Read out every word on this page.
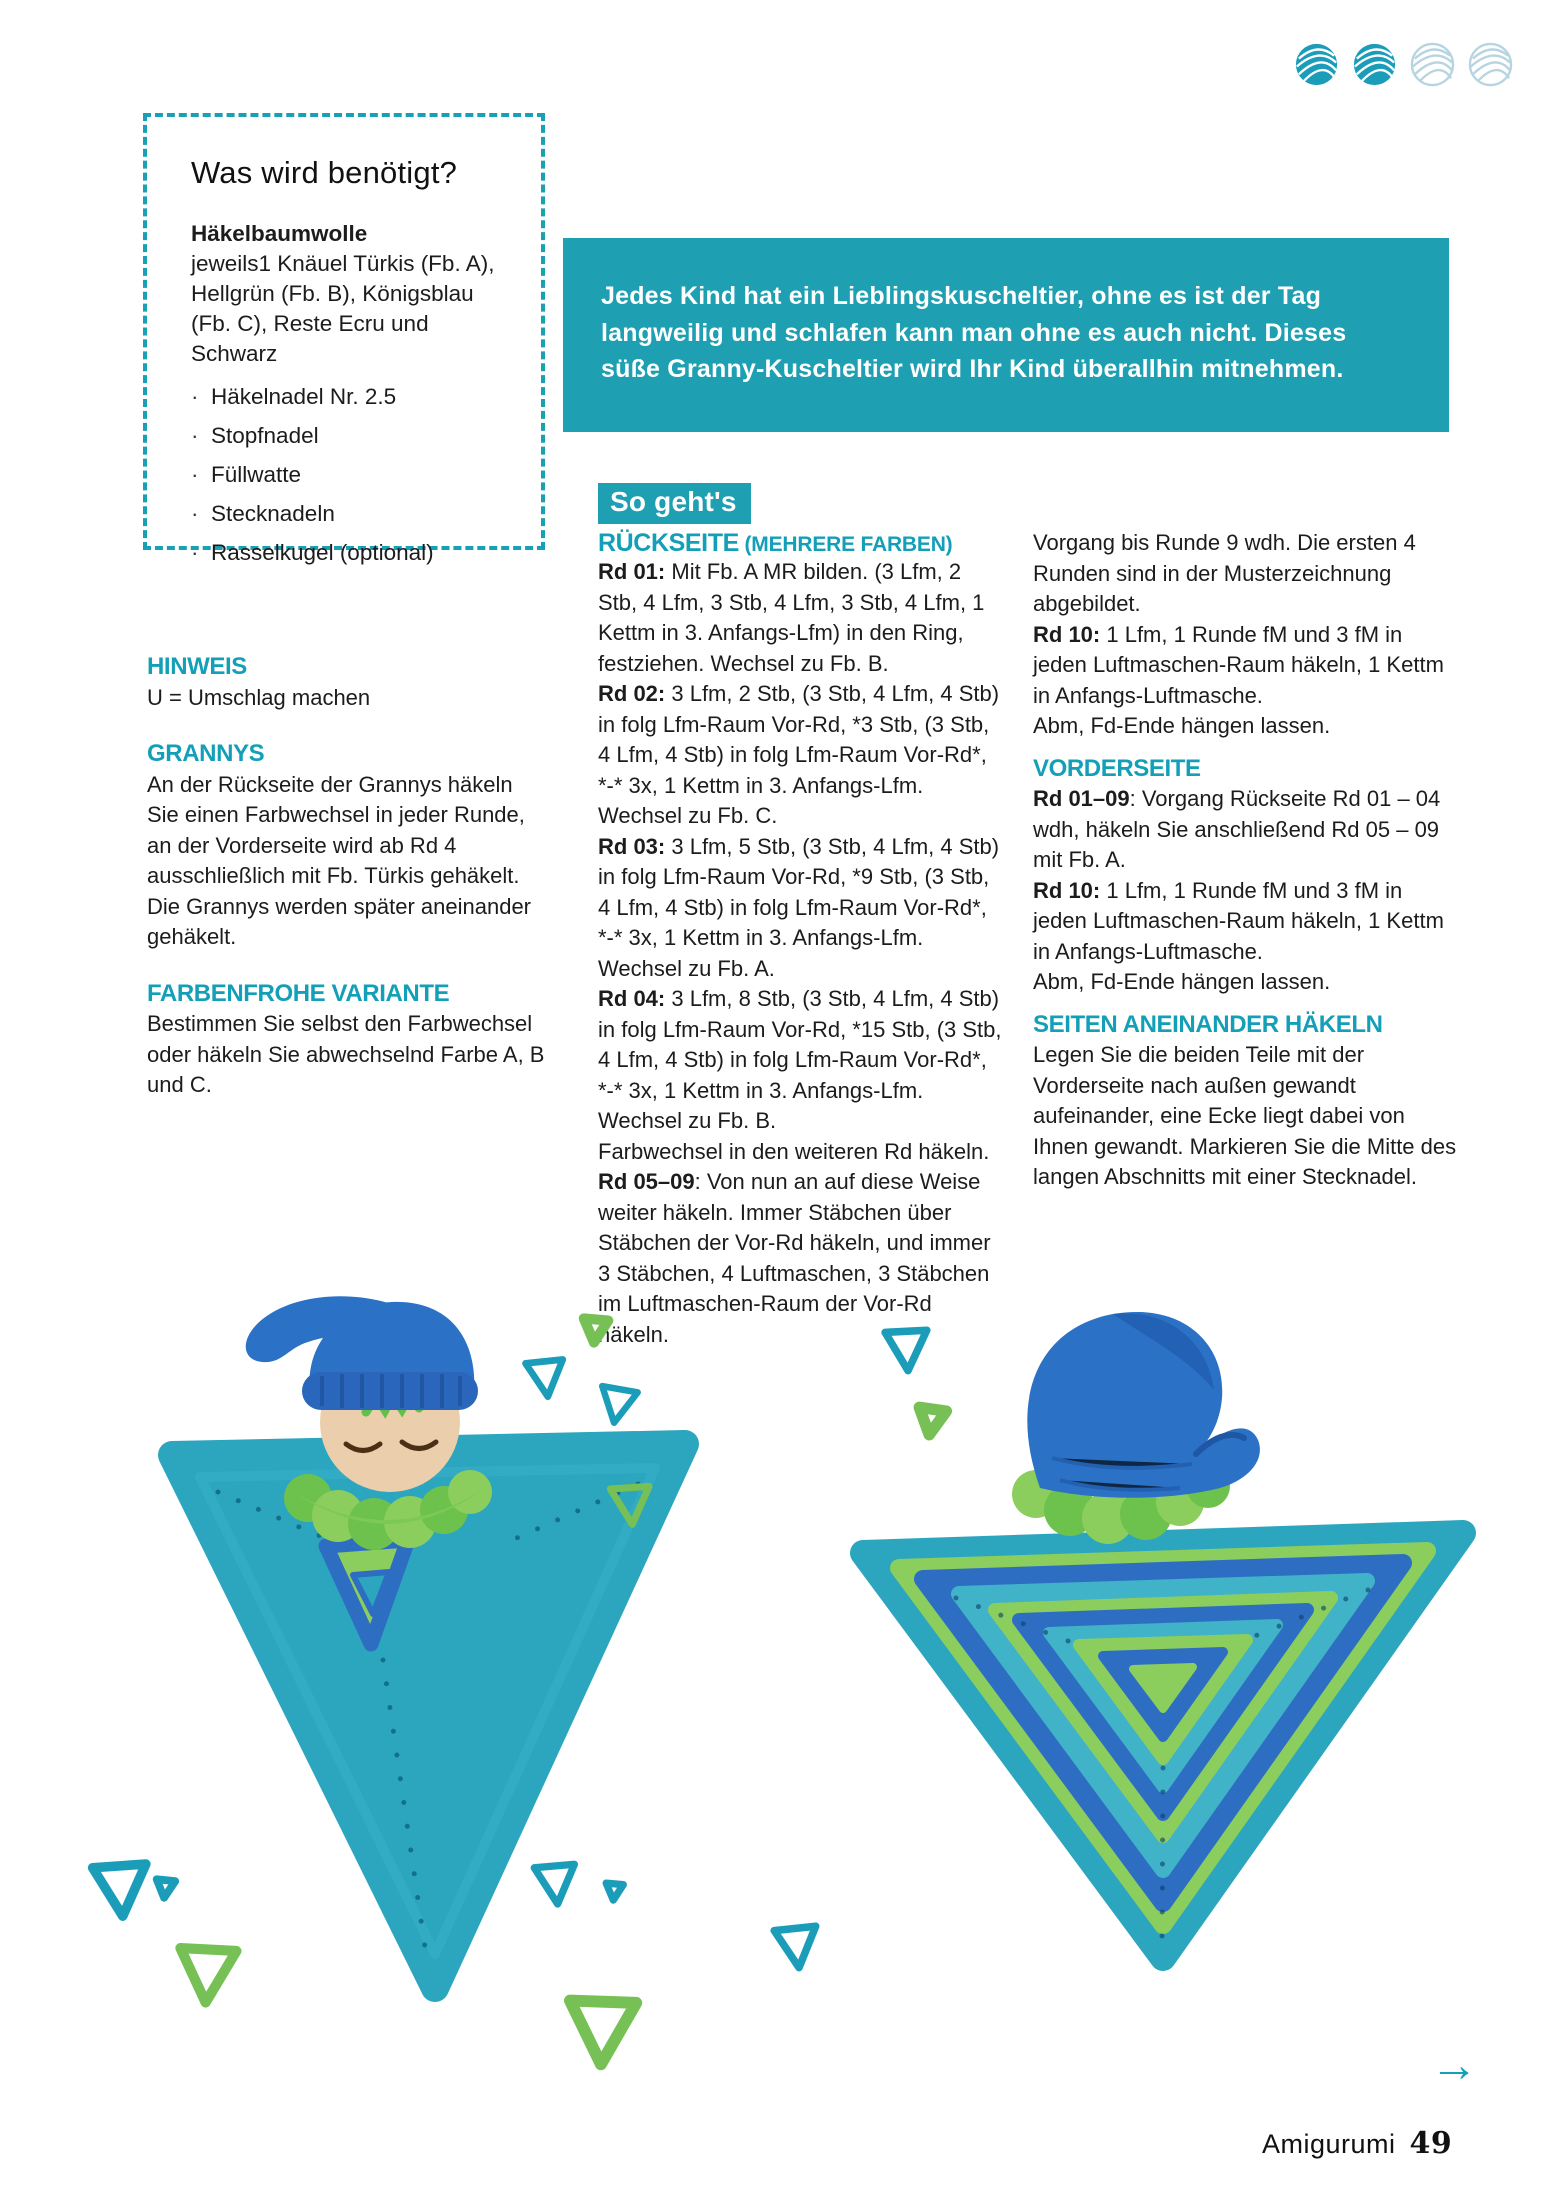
Was wird benötigt?

Häkelbaumwolle

jeweils1 Knäuel Türkis (Fb. A), Hellgrün (Fb. B), Königsblau (Fb. C), Reste Ecru und Schwarz

· Häkelnadel Nr. 2.5
· Stopfnadel
· Füllwatte
· Stecknadeln
· Rasselkugel (optional)
Jedes Kind hat ein Lieblingskuscheltier, ohne es ist der Tag
langweilig und schlafen kann man ohne es auch nicht. Dieses
süße Granny-Kuscheltier wird Ihr Kind überallhin mitnehmen.
So geht's
RÜCKSEITE (MEHRERE FARBEN)

HINWEIS

U = Umschlag machen

GRANNYS

An der Rückseite der Grannys häkeln Sie einen Farbwechsel in jeder Runde, an der Vorderseite wird ab Rd 4 ausschließlich mit Fb. Türkis gehäkelt. Die Grannys werden später aneinander gehäkelt.

FARBENFROHE VARIANTE

Bestimmen Sie selbst den Farbwechsel oder häkeln Sie abwechselnd Farbe A, B und C.

Rd 01: Mit Fb. A MR bilden. (3 Lfm, 2 Stb, 4 Lfm, 3 Stb, 4 Lfm, 3 Stb, 4 Lfm, 1 Kettm in 3. Anfangs-Lfm) in den Ring, festziehen. Wechsel zu Fb. B.

Rd 02: 3 Lfm, 2 Stb, (3 Stb, 4 Lfm, 4 Stb) in folg Lfm-Raum Vor-Rd, *3 Stb, (3 Stb, 4 Lfm, 4 Stb) in folg Lfm-Raum Vor-Rd*, *-* 3x, 1 Kettm in 3. Anfangs-Lfm. Wechsel zu Fb. C.

Rd 03: 3 Lfm, 5 Stb, (3 Stb, 4 Lfm, 4 Stb) in folg Lfm-Raum Vor-Rd, *9 Stb, (3 Stb, 4 Lfm, 4 Stb) in folg Lfm-Raum Vor-Rd*, *-* 3x, 1 Kettm in 3. Anfangs-Lfm. Wechsel zu Fb. A.

Rd 04: 3 Lfm, 8 Stb, (3 Stb, 4 Lfm, 4 Stb) in folg Lfm-Raum Vor-Rd, *15 Stb, (3 Stb, 4 Lfm, 4 Stb) in folg Lfm-Raum Vor-Rd*, *-* 3x, 1 Kettm in 3. Anfangs-Lfm. Wechsel zu Fb. B.

Farbwechsel in den weiteren Rd häkeln.

Rd 05–09: Von nun an auf diese Weise weiter häkeln. Immer Stäbchen über Stäbchen der Vor-Rd häkeln, und immer 3 Stäbchen, 4 Luftmaschen, 3 Stäbchen im Luftmaschen-Raum der Vor-Rd häkeln.

Vorgang bis Runde 9 wdh. Die ersten 4 Runden sind in der Musterzeichnung abgebildet.

Rd 10: 1 Lfm, 1 Runde fM und 3 fM in jeden Luftmaschen-Raum häkeln, 1 Kettm in Anfangs-Luftmasche.

Abm, Fd-Ende hängen lassen.

VORDERSEITE

Rd 01–09: Vorgang Rückseite Rd 01 – 04 wdh, häkeln Sie anschließend Rd 05 – 09 mit Fb. A.

Rd 10: 1 Lfm, 1 Runde fM und 3 fM in jeden Luftmaschen-Raum häkeln, 1 Kettm in Anfangs-Luftmasche.

Abm, Fd-Ende hängen lassen.

SEITEN ANEINANDER HÄKELN

Legen Sie die beiden Teile mit der Vorderseite nach außen gewandt aufeinander, eine Ecke liegt dabei von Ihnen gewandt. Markieren Sie die Mitte des langen Abschnitts mit einer Stecknadel.

→
Amigurumi 49
